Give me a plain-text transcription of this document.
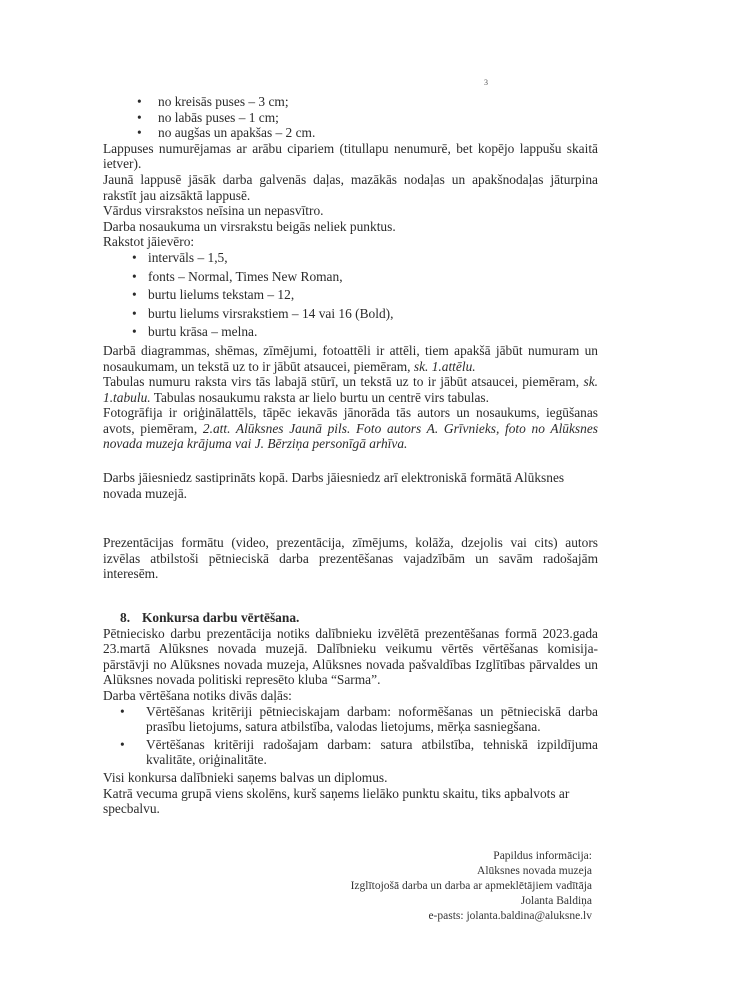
3
• no kreisās puses – 3 cm;
• no labās puses – 1 cm;
• no augšas un apakšas – 2 cm.

Lappuses numurējamas ar arābu cipariem (titullapu nenumurē, bet kopējo lappušu skaitā ietver).

Jaunā lappusē jāsāk darba galvenās daļas, mazākās nodaļas un apakšnodaļas jāturpina rakstīt jau aizsāktā lappusē.

Vārdus virsrakstos neīsina un nepasvītro.

Darba nosaukuma un virsrakstu beigās neliek punktus.

Rakstot jāievēro:

• intervāls – 1,5,
• fonts – Normal, Times New Roman,
• burtu lielums tekstam – 12,
• burtu lielums virsrakstiem – 14 vai 16 (Bold),
• burtu krāsa – melna.

Darbā diagrammas, shēmas, zīmējumi, fotoattēli ir attēli, tiem apakšā jābūt numuram un nosaukumam, un tekstā uz to ir jābūt atsaucei, piemēram, sk. 1.attēlu.

Tabulas numuru raksta virs tās labajā stūrī, un tekstā uz to ir jābūt atsaucei, piemēram, sk. 1.tabulu. Tabulas nosaukumu raksta ar lielo burtu un centrē virs tabulas.

Fotogrāfija ir oriģinālattēls, tāpēc iekavās jānorāda tās autors un nosaukums, iegūšanas avots, piemēram, 2.att. Alūksnes Jaunā pils. Foto autors A. Grīvnieks, foto no Alūksnes novada muzeja krājuma vai J. Bērziņa personīgā arhīva.

Darbs jāiesniedz sastiprināts kopā. Darbs jāiesniedz arī elektroniskā formātā Alūksnes novada muzejā.

Prezentācijas formātu (video, prezentācija, zīmējums, kolāža, dzejolis vai cits) autors izvēlas atbilstoši pētnieciskā darba prezentēšanas vajadzībām un savām radošajām interesēm.

8. Konkursa darbu vērtēšana.

Pētniecisko darbu prezentācija notiks dalībnieku izvēlētā prezentēšanas formā 2023.gada 23.martā Alūksnes novada muzejā. Dalībnieku veikumu vērtēs vērtēšanas komisija- pārstāvji no Alūksnes novada muzeja, Alūksnes novada pašvaldības Izglītības pārvaldes un Alūksnes novada politiski represēto kluba “Sarma”.

Darba vērtēšana notiks divās daļās:

• Vērtēšanas kritēriji pētnieciskajam darbam: noformēšanas un pētnieciskā darba prasību lietojums, satura atbilstība, valodas lietojums, mērķa sasniegšana.
• Vērtēšanas kritēriji radošajam darbam: satura atbilstība, tehniskā izpildījuma kvalitāte, oriģinalitāte.

Visi konkursa dalībnieki saņems balvas un diplomus.

Katrā vecuma grupā viens skolēns, kurš saņems lielāko punktu skaitu, tiks apbalvots ar specbalvu.

Papildus informācija:
Alūksnes novada muzeja
Izglītojošā darba un darba ar apmeklētājiem vadītāja
Jolanta Baldiņa
e-pasts: jolanta.baldina@aluksne.lv
